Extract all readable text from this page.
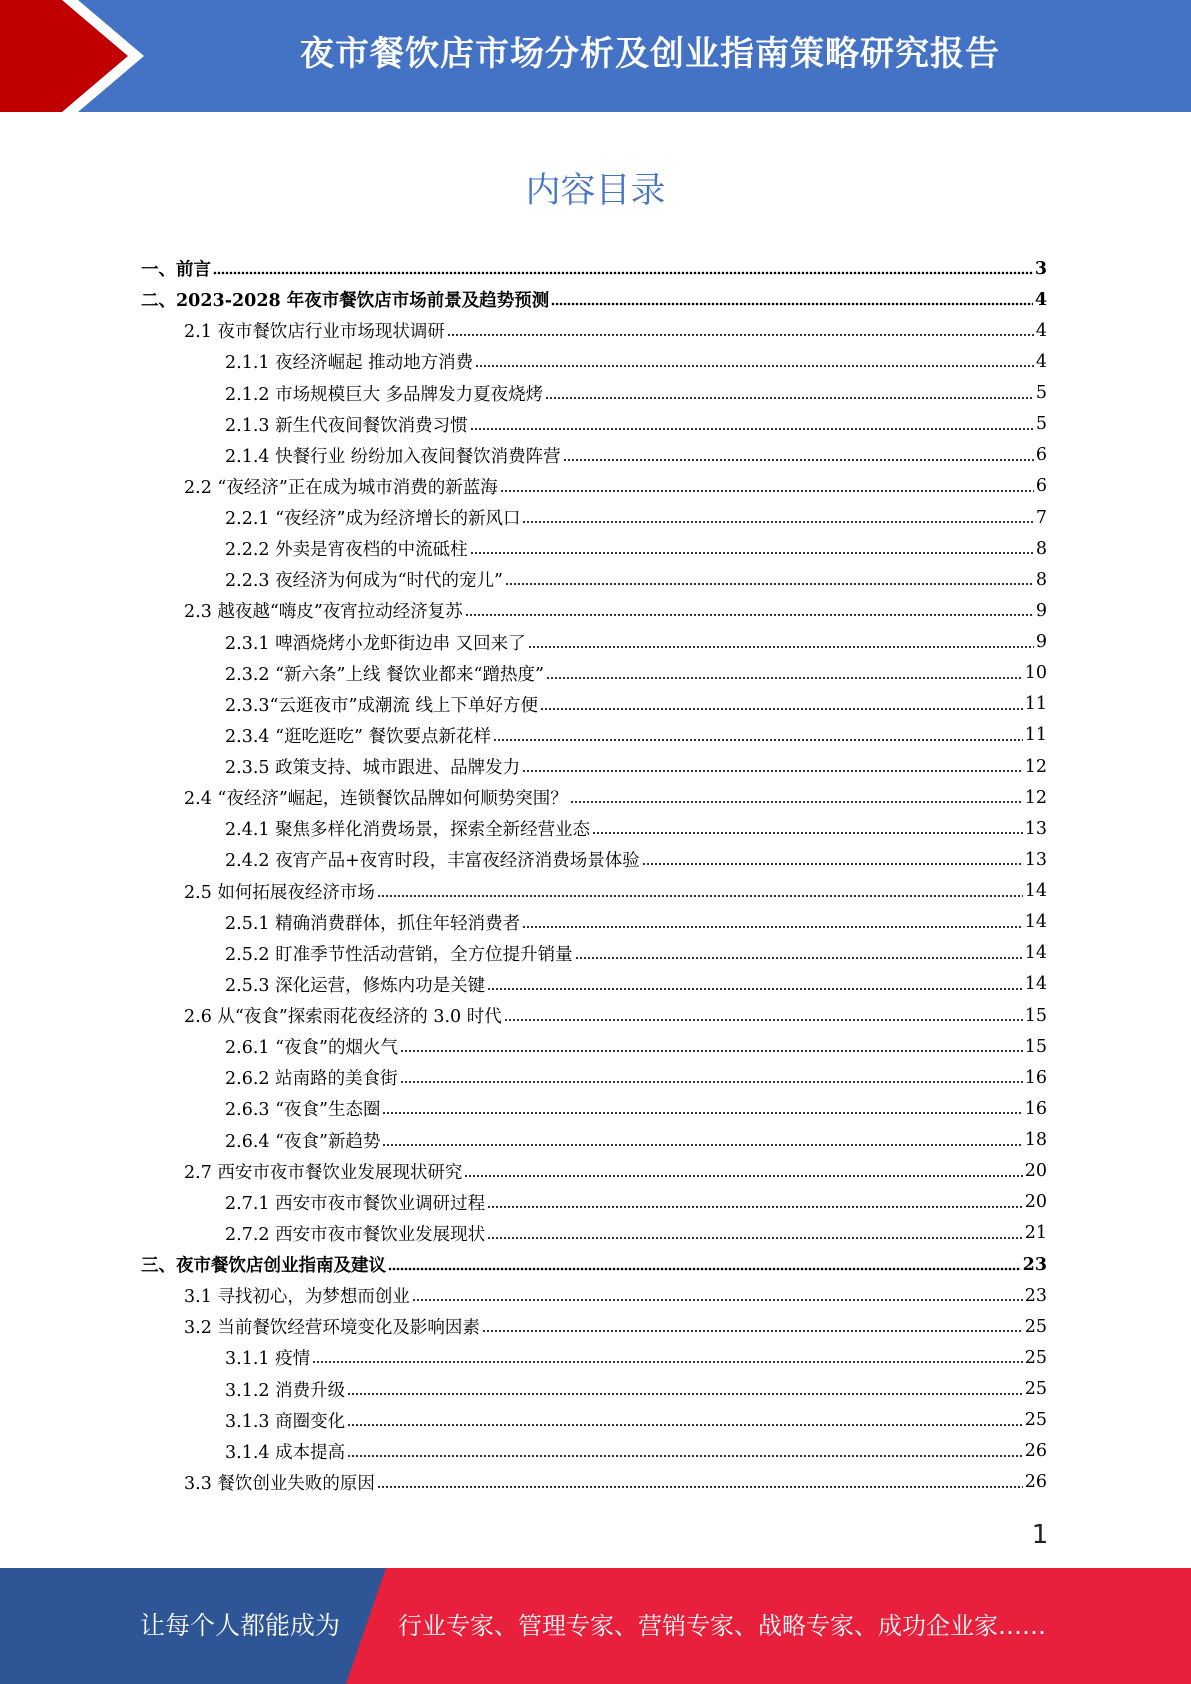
夜市餐饮店市场分析及创业指南策略研究报告
内容目录
一、前言	3
二、2023-2028 年夜市餐饮店市场前景及趋势预测	4
2.1 夜市餐饮店行业市场现状调研	4
2.1.1 夜经济崛起 推动地方消费	4
2.1.2 市场规模巨大 多品牌发力夏夜烧烤	5
2.1.3 新生代夜间餐饮消费习惯	5
2.1.4 快餐行业 纷纷加入夜间餐饮消费阵营	6
2.2 “夜经济”正在成为城市消费的新蓝海	6
2.2.1 “夜经济”成为经济增长的新风口	7
2.2.2 外卖是宵夜档的中流砥柱	8
2.2.3 夜经济为何成为“时代的宠儿”	8
2.3 越夜越“嗨皮”夜宵拉动经济复苏	9
2.3.1 啤酒烧烤小龙虾街边串 又回来了	9
2.3.2 “新六条”上线 餐饮业都来“蹭热度”	10
2.3.3“云逛夜市”成潮流 线上下单好方便	11
2.3.4 “逛吃逛吃” 餐饮要点新花样	11
2.3.5 政策支持、城市跟进、品牌发力	12
2.4 “夜经济”崛起，连锁餐饮品牌如何顺势突围？	12
2.4.1 聚焦多样化消费场景，探索全新经营业态	13
2.4.2 夜宵产品+夜宵时段，丰富夜经济消费场景体验	13
2.5 如何拓展夜经济市场	14
2.5.1 精确消费群体，抓住年轻消费者	14
2.5.2 盯准季节性活动营销，全方位提升销量	14
2.5.3 深化运营，修炼内功是关键	14
2.6 从“夜食”探索雨花夜经济的 3.0 时代	15
2.6.1 “夜食”的烟火气	15
2.6.2 站南路的美食街	16
2.6.3 “夜食”生态圈	16
2.6.4 “夜食”新趋势	18
2.7 西安市夜市餐饮业发展现状研究	20
2.7.1 西安市夜市餐饮业调研过程	20
2.7.2 西安市夜市餐饮业发展现状	21
三、夜市餐饮店创业指南及建议	23
3.1 寻找初心，为梦想而创业	23
3.2 当前餐饮经营环境变化及影响因素	25
3.1.1 疫情	25
3.1.2 消费升级	25
3.1.3 商圈变化	25
3.1.4 成本提高	26
3.3 餐饮创业失败的原因	26
1
让每个人都能成为 行业专家、管理专家、营销专家、战略专家、成功企业家……
